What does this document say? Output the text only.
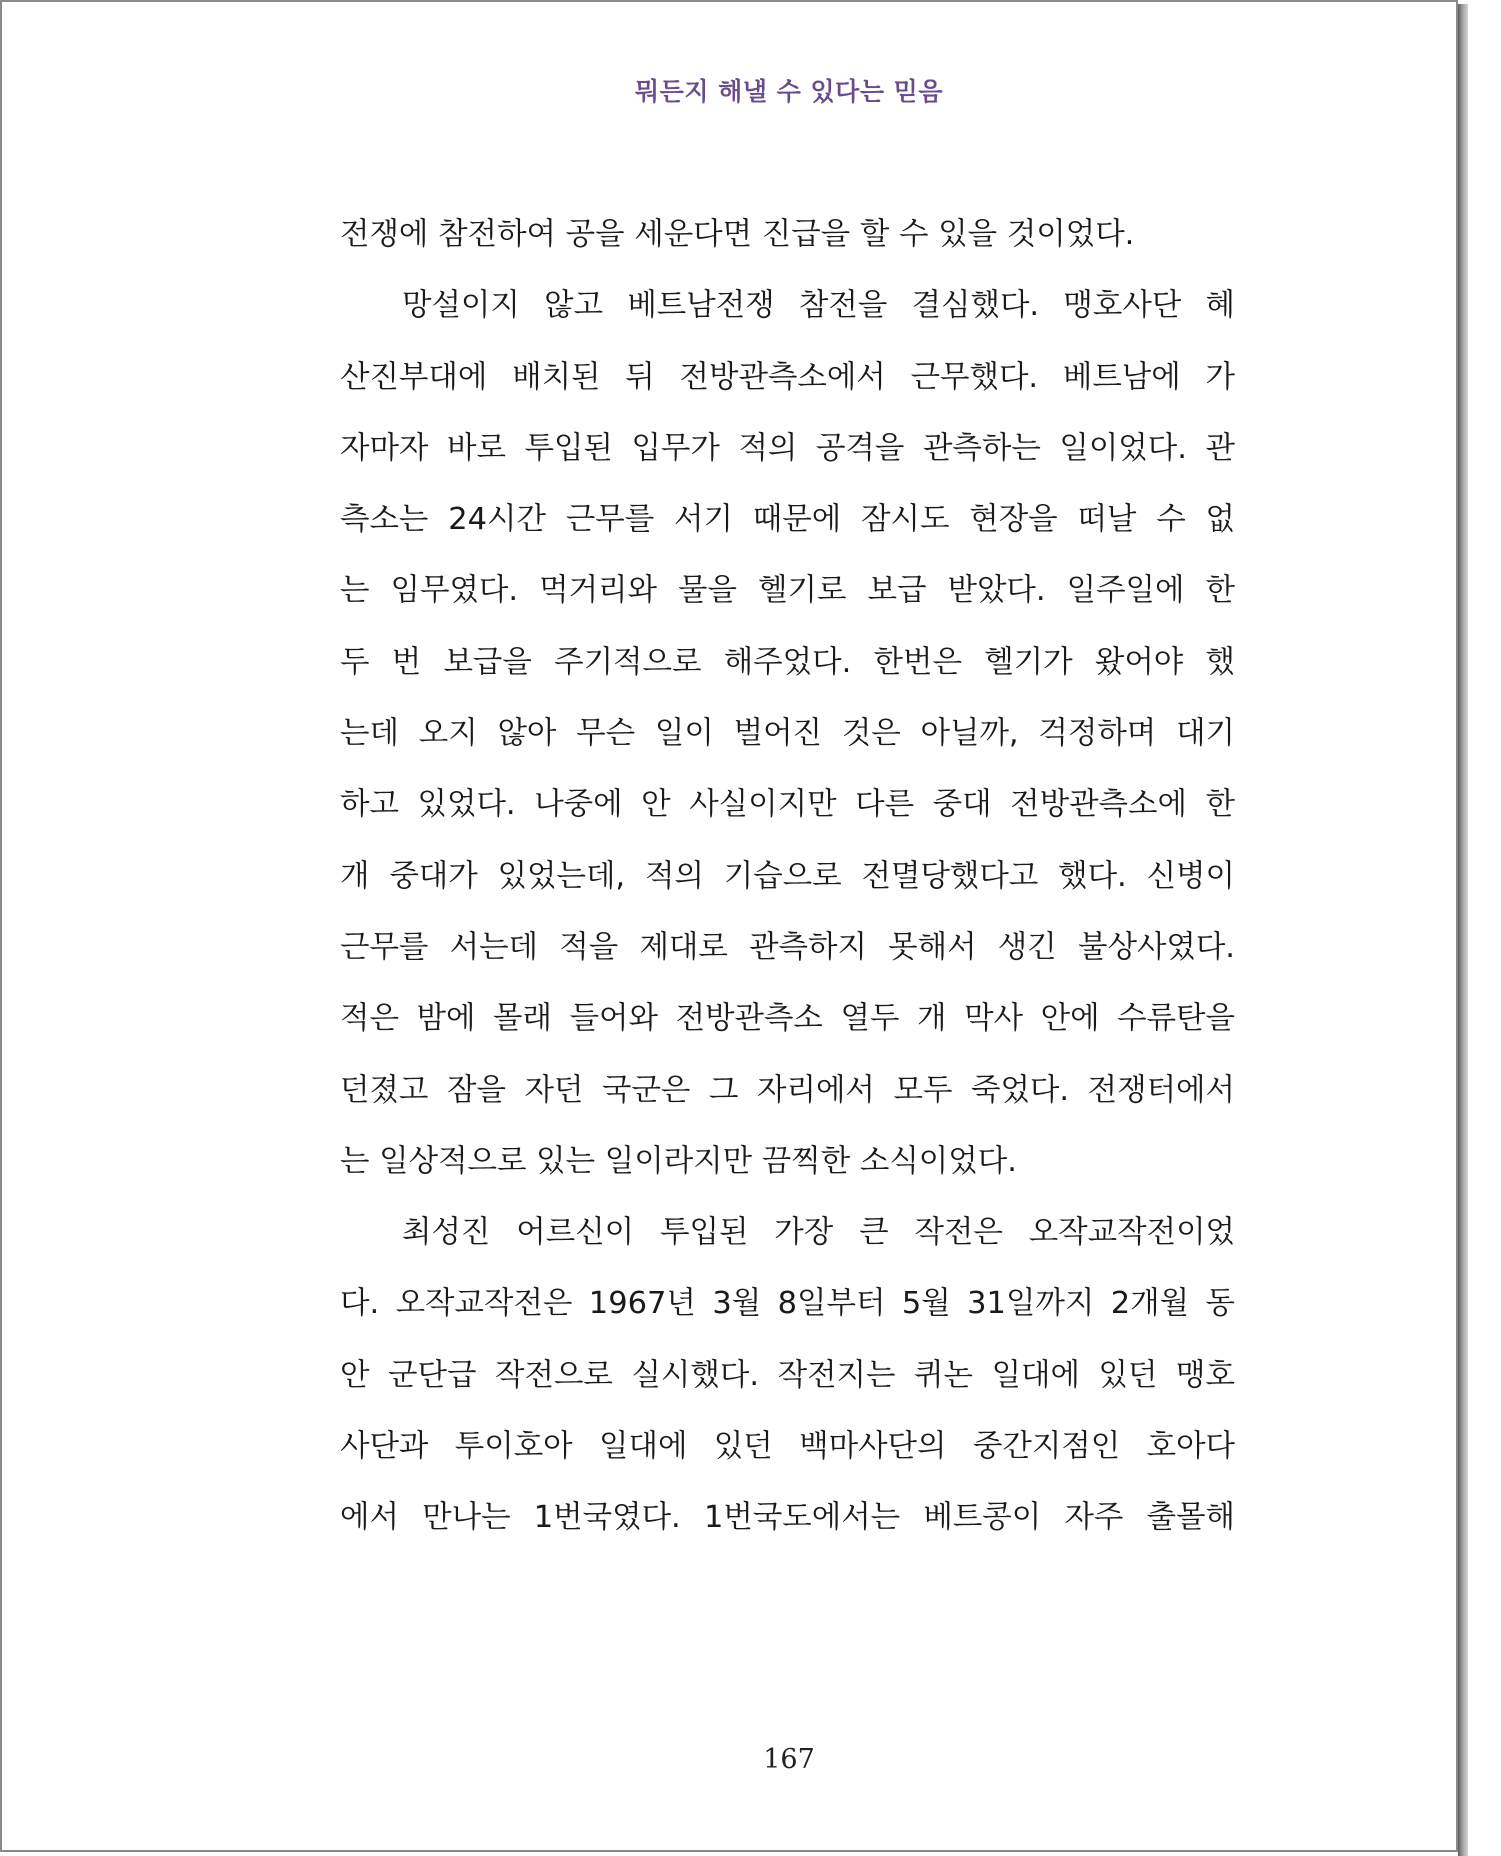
뭐든지 해낼 수 있다는 믿음
전쟁에 참전하여 공을 세운다면 진급을 할 수 있을 것이었다.
망설이지 않고 베트남전쟁 참전을 결심했다. 맹호사단 혜
산진부대에 배치된 뒤 전방관측소에서 근무했다. 베트남에 가
자마자 바로 투입된 입무가 적의 공격을 관측하는 일이었다. 관
측소는 24시간 근무를 서기 때문에 잠시도 현장을 떠날 수 없
는 임무였다. 먹거리와 물을 헬기로 보급 받았다. 일주일에 한
두 번 보급을 주기적으로 해주었다. 한번은 헬기가 왔어야 했
는데 오지 않아 무슨 일이 벌어진 것은 아닐까, 걱정하며 대기
하고 있었다. 나중에 안 사실이지만 다른 중대 전방관측소에 한
개 중대가 있었는데, 적의 기습으로 전멸당했다고 했다. 신병이
근무를 서는데 적을 제대로 관측하지 못해서 생긴 불상사였다.
적은 밤에 몰래 들어와 전방관측소 열두 개 막사 안에 수류탄을
던졌고 잠을 자던 국군은 그 자리에서 모두 죽었다. 전쟁터에서
는 일상적으로 있는 일이라지만 끔찍한 소식이었다.
최성진 어르신이 투입된 가장 큰 작전은 오작교작전이었
다. 오작교작전은 1967년 3월 8일부터 5월 31일까지 2개월 동
안 군단급 작전으로 실시했다. 작전지는 퀴논 일대에 있던 맹호
사단과 투이호아 일대에 있던 백마사단의 중간지점인 호아다
에서 만나는 1번국였다. 1번국도에서는 베트콩이 자주 출몰해
167
